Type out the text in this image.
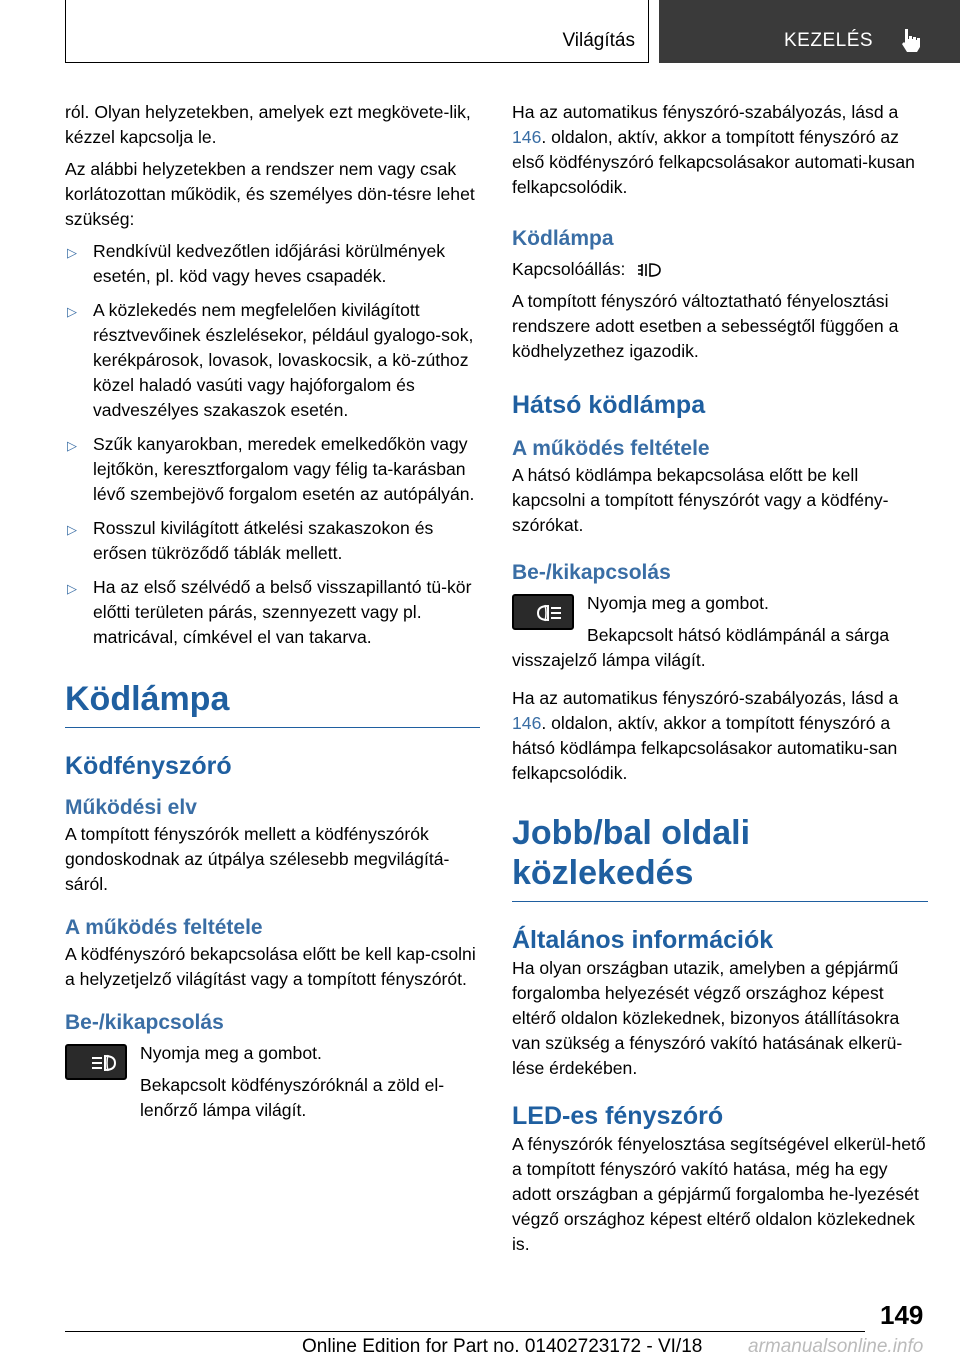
Világítás	KEZELÉS

ról. Olyan helyzetekben, amelyek ezt megkövete-lik, kézzel kapcsolja le.

Az alábbi helyzetekben a rendszer nem vagy csak korlátozottan működik, és személyes dön-tésre lehet szükség:

▷ Rendkívül kedvezőtlen időjárási körülmények esetén, pl. köd vagy heves csapadék.
▷ A közlekedés nem megfelelően kivilágított résztvevőinek észlelésekor, például gyalogo-sok, kerékpárosok, lovasok, lovaskocsik, a kö-zúthoz közel haladó vasúti vagy hajóforgalom és vadveszélyes szakaszok esetén.
▷ Szűk kanyarokban, meredek emelkedőkön vagy lejtőkön, keresztforgalom vagy félig ta-karásban lévő szembejövő forgalom esetén az autópályán.
▷ Rosszul kivilágított átkelési szakaszokon és erősen tükröződő táblák mellett.
▷ Ha az első szélvédő a belső visszapillantó tü-kör előtti területen párás, szennyezett vagy pl. matricával, címkével el van takarva.
Ködlámpa
Ködfényszóró
Működési elv

A tompított fényszórók mellett a ködfényszórók gondoskodnak az útpálya szélesebb megvilágítá-sáról.

A működés feltétele

A ködfényszóró bekapcsolása előtt be kell kap-csolni a helyzetjelző világítást vagy a tompított fényszórót.

Be-/kikapcsolás

Nyomja meg a gombot.

Bekapcsolt ködfényszóróknál a zöld el-lenőrző lámpa világít.

Ha az automatikus fényszóró-szabályozás, lásd a 146. oldalon, aktív, akkor a tompított fényszóró az első ködfényszóró felkapcsolásakor automati-kusan felkapcsolódik.

Ködlámpa

Kapcsolóállás:

A tompított fényszóró változtatható fényelosztási rendszere adott esetben a sebességtől függően a ködhelyzethez igazodik.

Hátsó ködlámpa
A működés feltétele

A hátsó ködlámpa bekapcsolása előtt be kell kapcsolni a tompított fényszórót vagy a ködfény-szórókat.

Be-/kikapcsolás

Nyomja meg a gombot.

Bekapcsolt hátsó ködlámpánál a sárga visszajelző lámpa világít.

Ha az automatikus fényszóró-szabályozás, lásd a 146. oldalon, aktív, akkor a tompított fényszóró a hátsó ködlámpa felkapcsolásakor automatiku-san felkapcsolódik.

Jobb/bal oldali közlekedés
Általános információk

Ha olyan országban utazik, amelyben a gépjármű forgalomba helyezését végző országhoz képest eltérő oldalon közlekednek, bizonyos átállításokra van szükség a fényszóró vakító hatásának elkerü-lése érdekében.

LED-es fényszóró

A fényszórók fényelosztása segítségével elkerül-hető a tompított fényszóró vakító hatása, még ha egy adott országban a gépjármű forgalomba he-lyezését végző országhoz képest eltérő oldalon közlekednek is.

149
Online Edition for Part no. 01402723172 - VI/18 armanualsonline.info
